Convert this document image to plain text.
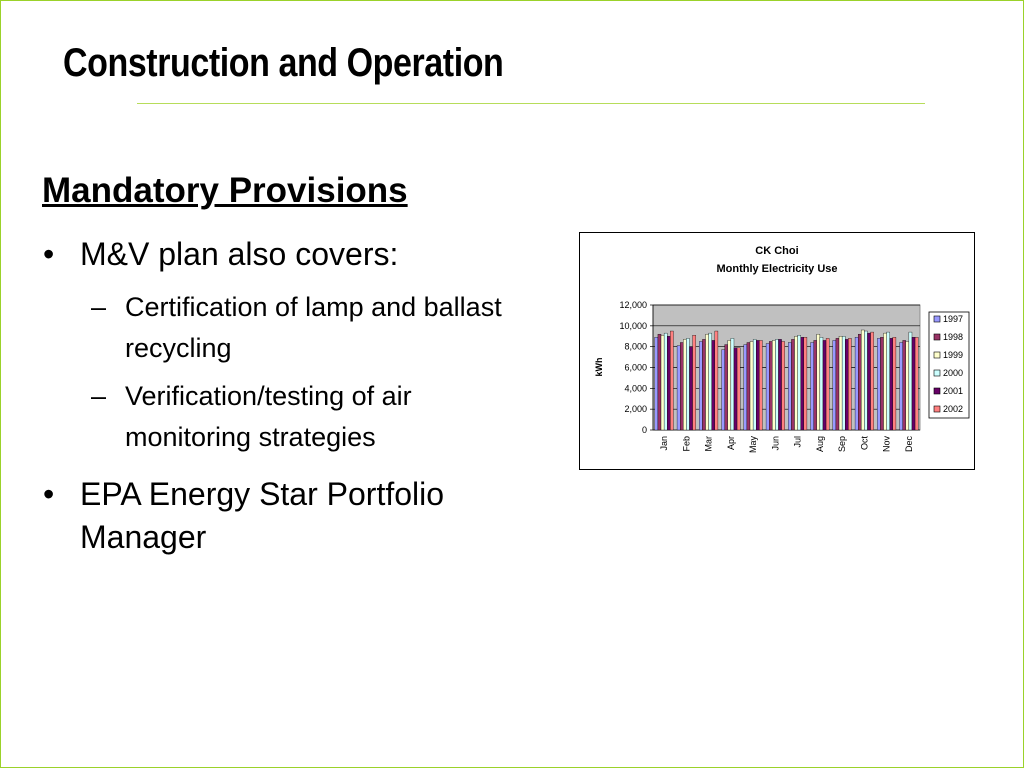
Construction and Operation
Mandatory Provisions
• M&V plan also covers:
– Certification of lamp and ballast recycling
– Verification/testing of air monitoring strategies
• EPA Energy Star Portfolio Manager
CK Choi
Monthly Electricity Use
0
2,000
4,000
6,000
8,000
10,000
12,000
kWh
Jan Feb Mar Apr May Jun Jul Aug Sep Oct Nov Dec
1997
1998
1999
2000
2001
2002
